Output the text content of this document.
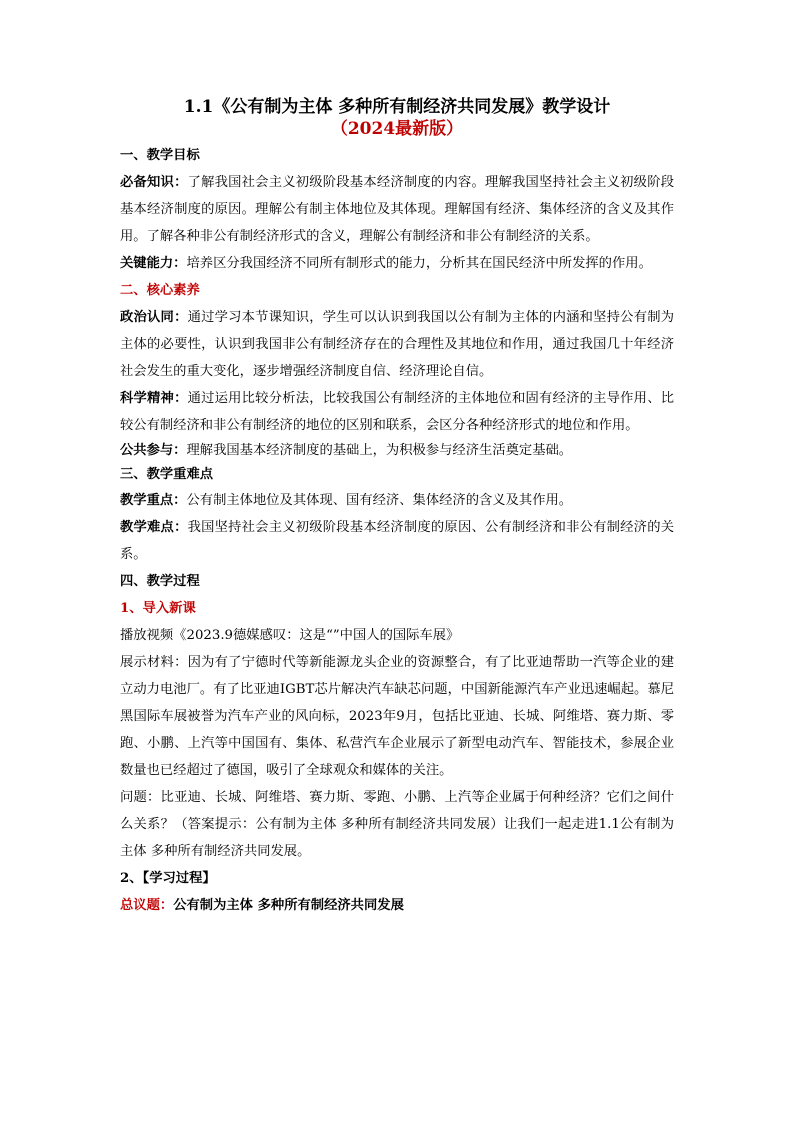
1.1《公有制为主体 多种所有制经济共同发展》教学设计

（2024最新版）

一、教学目标

必备知识：了解我国社会主义初级阶段基本经济制度的内容。理解我国坚持社会主义初级阶段基本经济制度的原因。理解公有制主体地位及其体现。理解国有经济、集体经济的含义及其作用。了解各种非公有制经济形式的含义，理解公有制经济和非公有制经济的关系。

关键能力：培养区分我国经济不同所有制形式的能力，分析其在国民经济中所发挥的作用。

二、核心素养

政治认同：通过学习本节课知识，学生可以认识到我国以公有制为主体的内涵和坚持公有制为主体的必要性，认识到我国非公有制经济存在的合理性及其地位和作用，通过我国几十年经济社会发生的重大变化，逐步增强经济制度自信、经济理论自信。

科学精神：通过运用比较分析法，比较我国公有制经济的主体地位和固有经济的主导作用、比较公有制经济和非公有制经济的地位的区别和联系，会区分各种经济形式的地位和作用。

公共参与：理解我国基本经济制度的基础上，为积极参与经济生活奠定基础。

三、教学重难点

教学重点：公有制主体地位及其体现、国有经济、集体经济的含义及其作用。

教学难点：我国坚持社会主义初级阶段基本经济制度的原因、公有制经济和非公有制经济的关系。

四、教学过程

1、导入新课

播放视频《2023.9德媒感叹：这是“”中国人的国际车展》

展示材料：因为有了宁德时代等新能源龙头企业的资源整合，有了比亚迪帮助一汽等企业的建立动力电池厂。有了比亚迪IGBT芯片解决汽车缺芯问题，中国新能源汽车产业迅速崛起。慕尼黑国际车展被誉为汽车产业的风向标，2023年9月，包括比亚迪、长城、阿维塔、赛力斯、零跑、小鹏、上汽等中国国有、集体、私营汽车企业展示了新型电动汽车、智能技术，参展企业数量也已经超过了德国，吸引了全球观众和媒体的关注。

问题：比亚迪、长城、阿维塔、赛力斯、零跑、小鹏、上汽等企业属于何种经济？它们之间什么关系？（答案提示：公有制为主体 多种所有制经济共同发展）让我们一起走进1.1公有制为主体 多种所有制经济共同发展。

2、【学习过程】

总议题：公有制为主体 多种所有制经济共同发展
